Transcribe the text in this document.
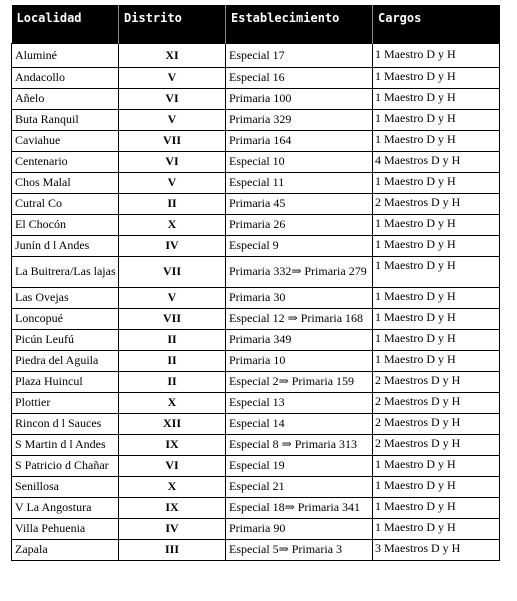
Localidad	Distrito	Establecimiento	Cargos
Aluminé	XI	Especial 17	1 Maestro D y H
Andacollo	V	Especial 16	1 Maestro D y H
Añelo	VI	Primaria 100	1 Maestro D y H
Buta Ranquil	V	Primaria 329	1 Maestro D y H
Caviahue	VII	Primaria 164	1 Maestro D y H
Centenario	VI	Especial 10	4 Maestros D y H
Chos Malal	V	Especial 11	1 Maestro D y H
Cutral Co	II	Primaria 45	2 Maestros D y H
El Chocón	X	Primaria 26	1 Maestro D y H
Junín d l Andes	IV	Especial 9	1 Maestro D y H
La Buitrera/Las lajas	VII	Primaria 332⇒ Primaria 279	1 Maestro D y H
Las Ovejas	V	Primaria 30	1 Maestro D y H
Loncopué	VII	Especial 12 ⇒ Primaria 168	1 Maestro D y H
Picún Leufú	II	Primaria 349	1 Maestro D y H
Piedra del Aguila	II	Primaria 10	1 Maestro D y H
Plaza Huincul	II	Especial 2⇒ Primaria 159	2 Maestros D y H
Plottier	X	Especial 13	2 Maestros D y H
Rincon d l Sauces	XII	Especial 14	2 Maestros D y H
S Martin d l Andes	IX	Especial 8 ⇒ Primaria 313	2 Maestros D y H
S Patricio d Chañar	VI	Especial 19	1 Maestro D y H
Senillosa	X	Especial 21	1 Maestro D y H
V La Angostura	IX	Especial 18⇒ Primaria 341	1 Maestro D y H
Villa Pehuenia	IV	Primaria 90	1 Maestro D y H
Zapala	III	Especial 5⇒ Primaria 3	3 Maestros D y H
